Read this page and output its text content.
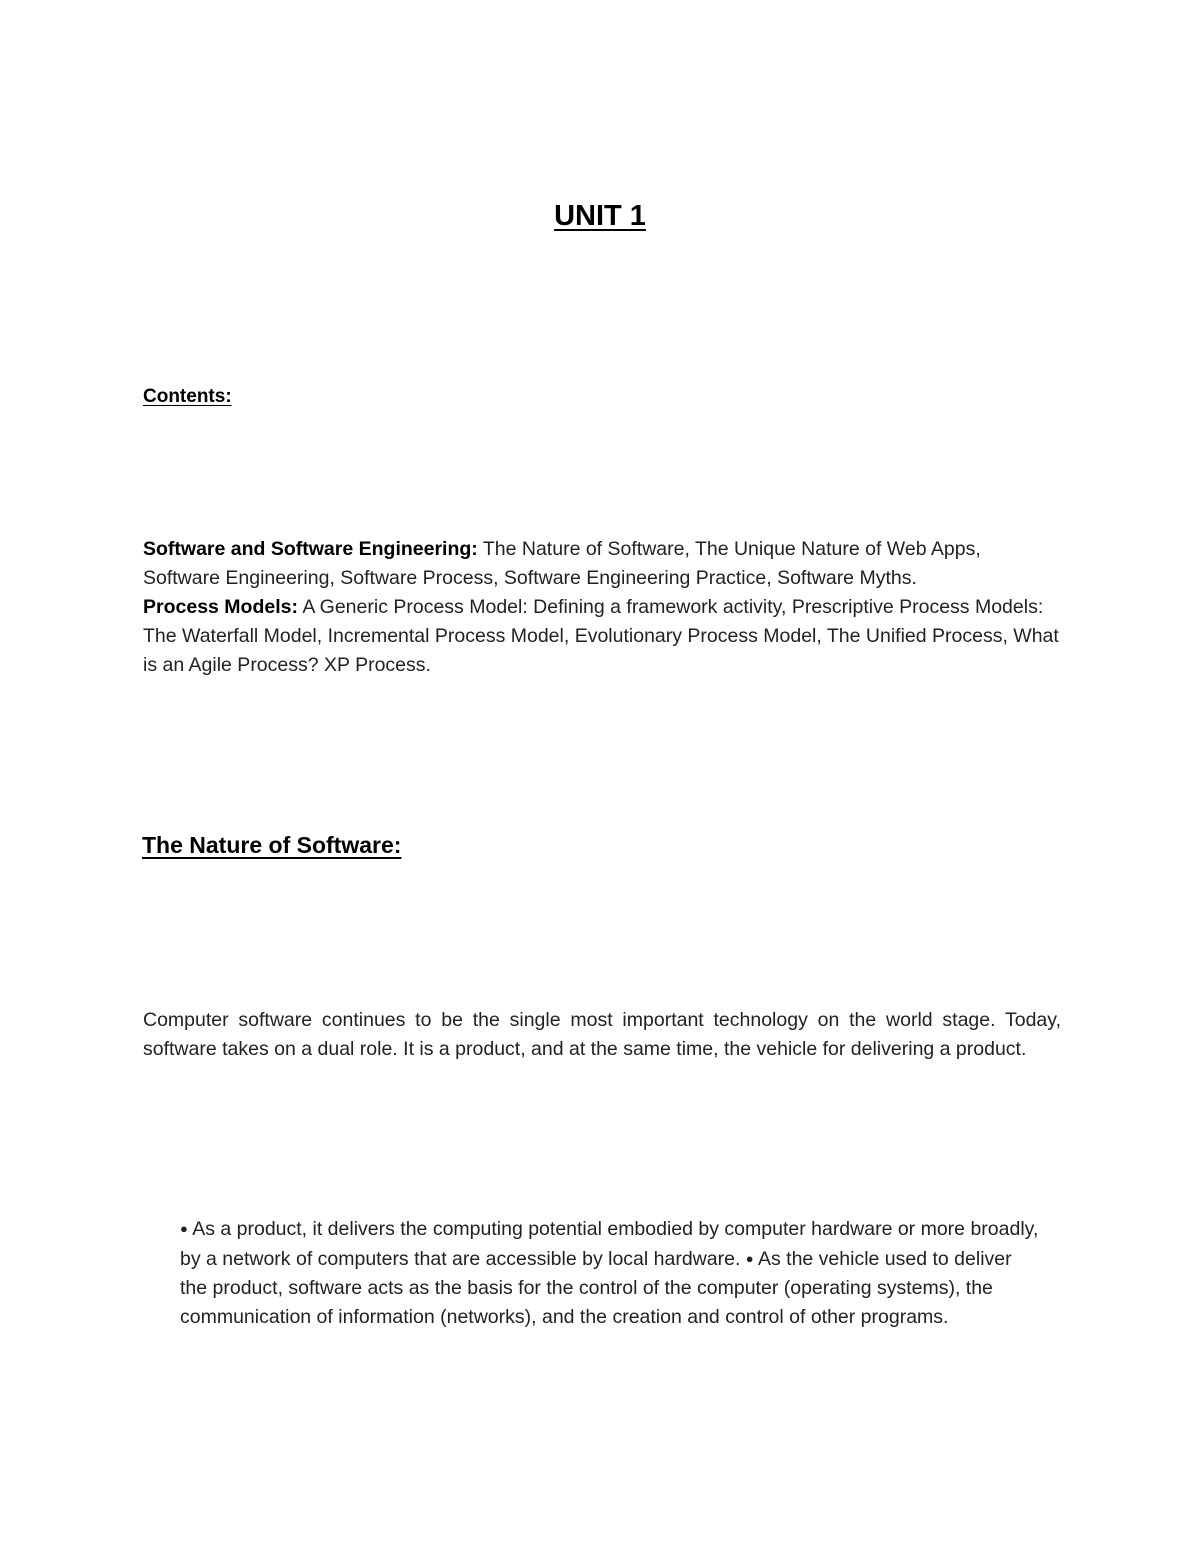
UNIT 1
Contents:
Software and Software Engineering: The Nature of Software, The Unique Nature of Web Apps, Software Engineering, Software Process, Software Engineering Practice, Software Myths.
Process Models: A Generic Process Model: Defining a framework activity, Prescriptive Process Models: The Waterfall Model, Incremental Process Model, Evolutionary Process Model, The Unified Process, What is an Agile Process? XP Process.
The Nature of Software:

Computer software continues to be the single most important technology on the world stage. Today, software takes on a dual role. It is a product, and at the same time, the vehicle for delivering a product.

● As a product, it delivers the computing potential embodied by computer hardware or more broadly, by a network of computers that are accessible by local hardware. ● As the vehicle used to deliver the product, software acts as the basis for the control of the computer (operating systems), the communication of information (networks), and the creation and control of other programs.
